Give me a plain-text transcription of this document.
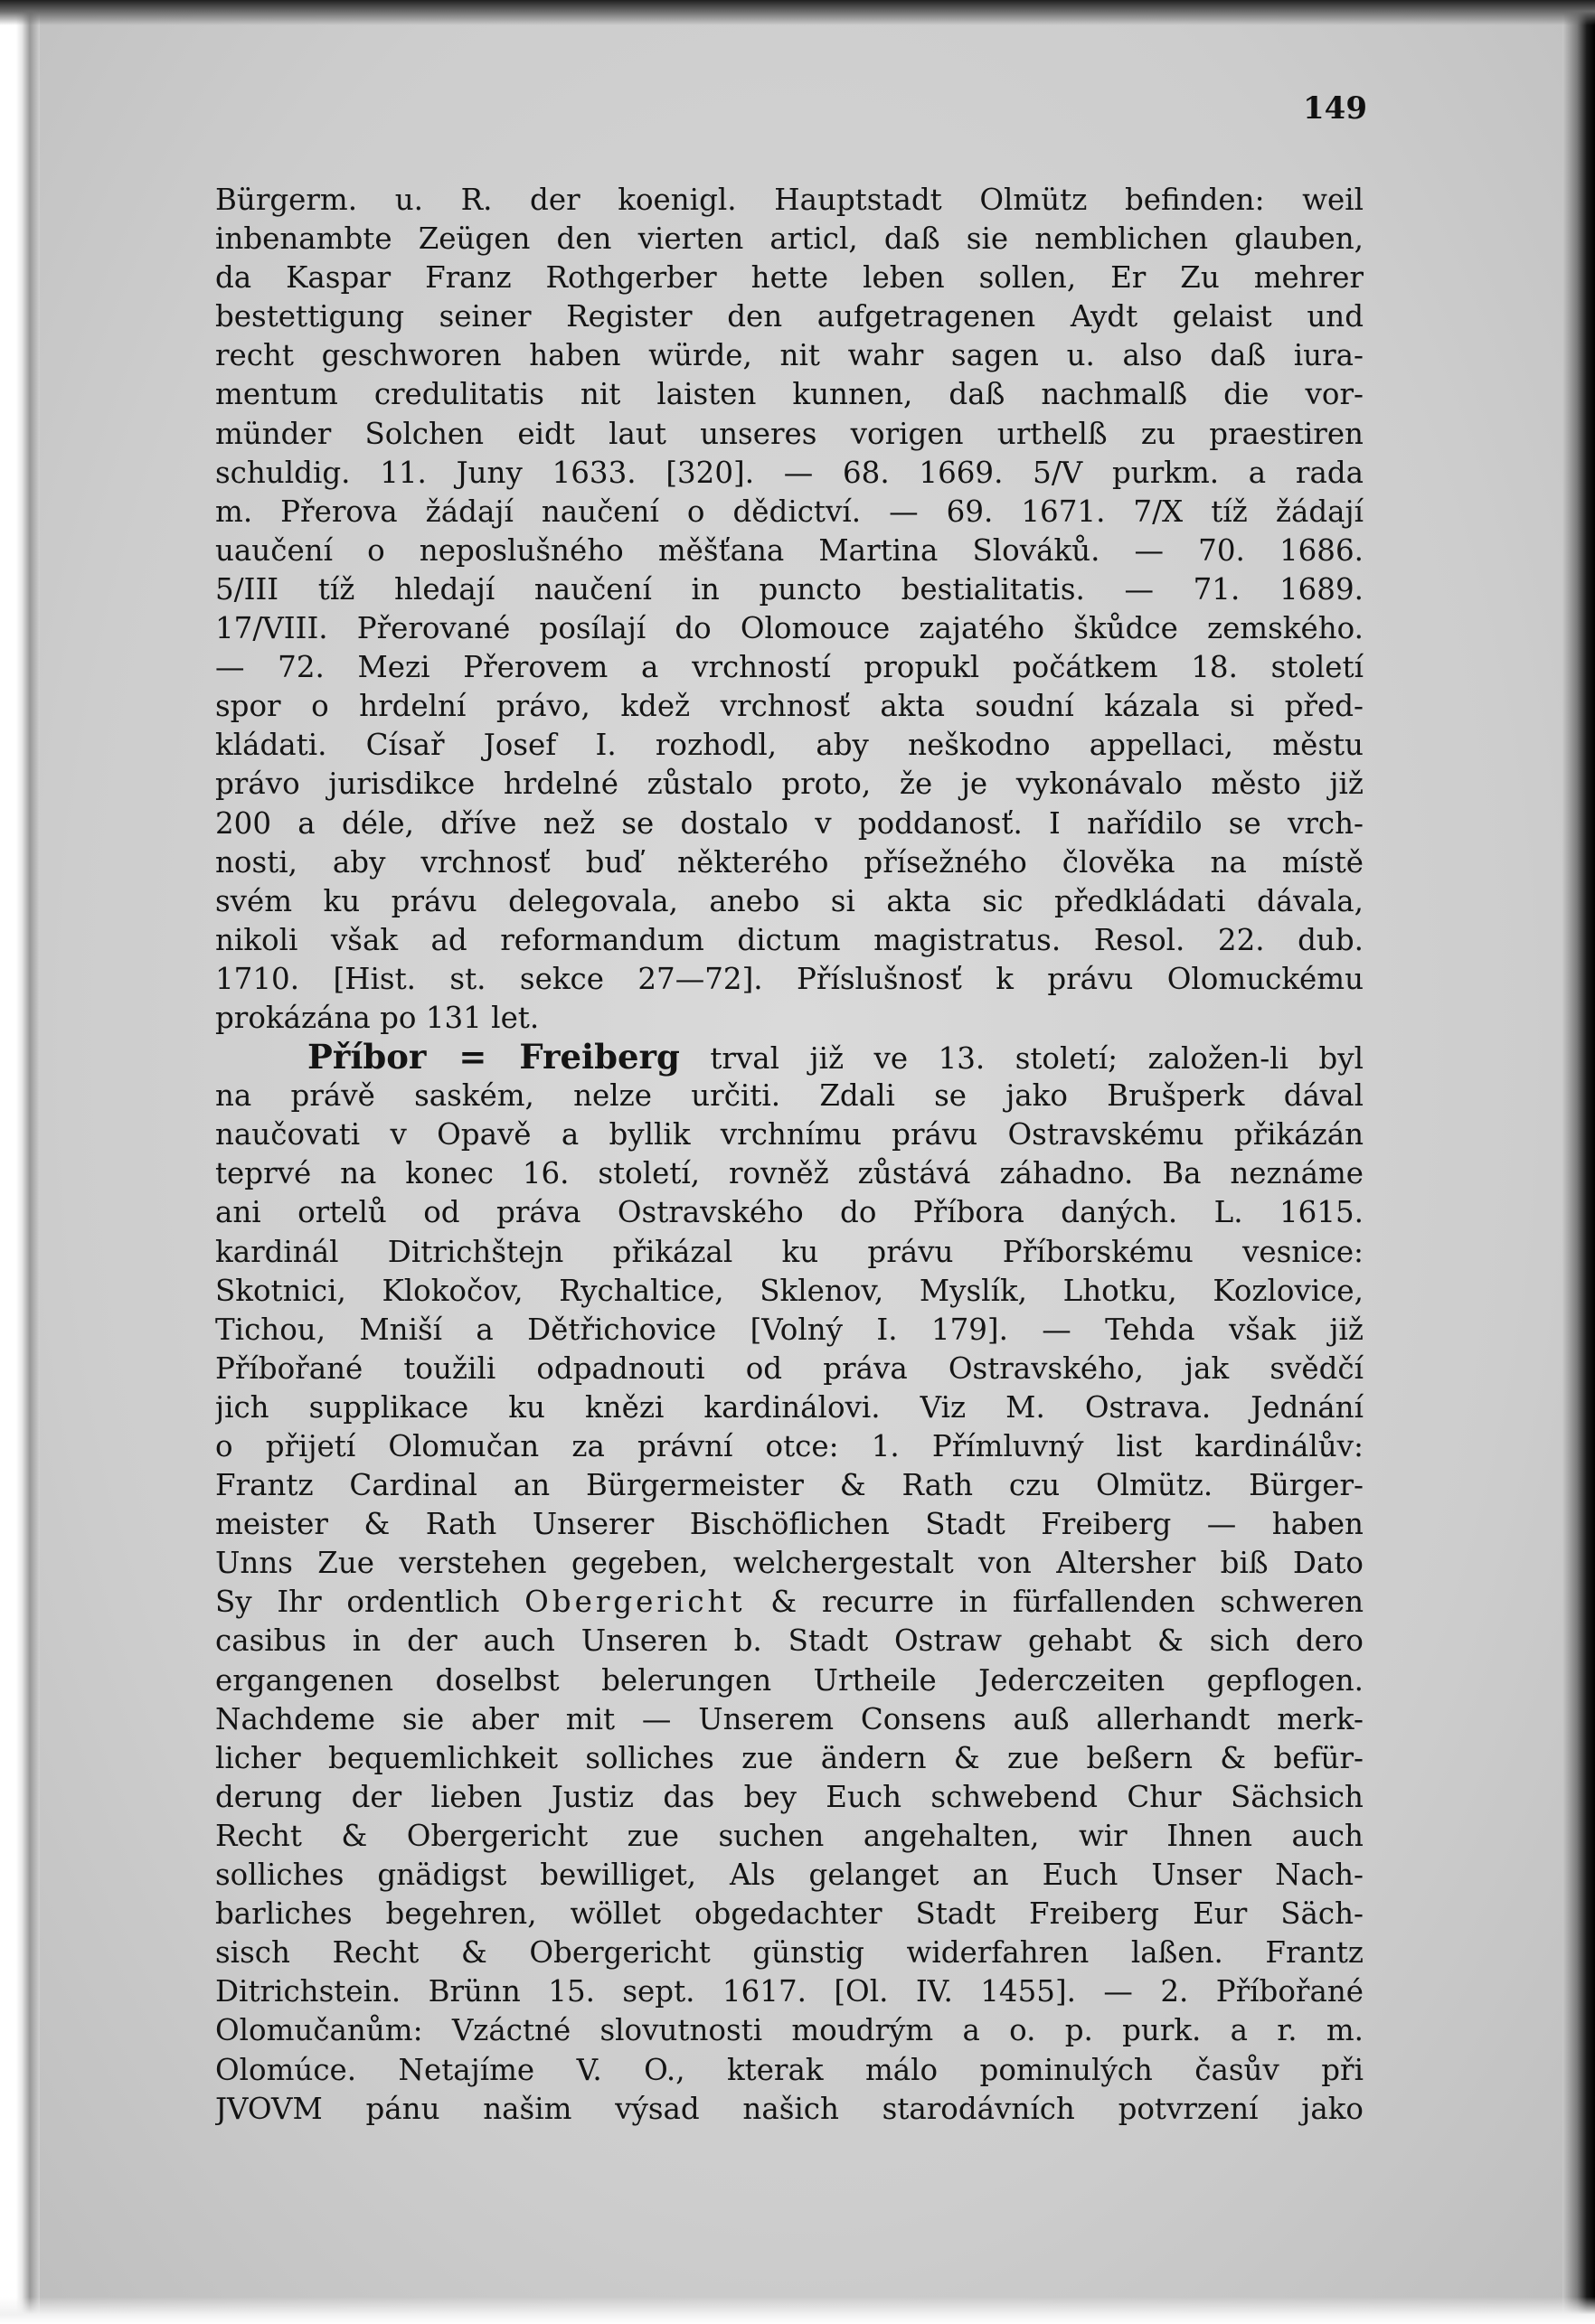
149
Bürgerm. u. R. der koenigl. Hauptstadt Olmütz befinden: weil
inbenambte Zeügen den vierten articl, daß sie nemblichen glauben,
da Kaspar Franz Rothgerber hette leben sollen, Er Zu mehrer
bestettigung seiner Register den aufgetragenen Aydt gelaist und
recht geschworen haben würde, nit wahr sagen u. also daß iura-
mentum credulitatis nit laisten kunnen, daß nachmalß die vor-
münder Solchen eidt laut unseres vorigen urthelß zu praestiren
schuldig. 11. Juny 1633. [320]. — 68. 1669. 5/V purkm. a rada
m. Přerova žádají naučení o dědictví. — 69. 1671. 7/X tíž žádají
uaučení o neposlušného měšťana Martina Slováků. — 70. 1686.
5/III tíž hledají naučení in puncto bestialitatis. — 71. 1689.
17/VIII. Přerované posílají do Olomouce zajatého škůdce zemského.
— 72. Mezi Přerovem a vrchností propukl počátkem 18. století
spor o hrdelní právo, kdež vrchnosť akta soudní kázala si před-
kládati. Císař Josef I. rozhodl, aby neškodno appellaci, městu
právo jurisdikce hrdelné zůstalo proto, že je vykonávalo město již
200 a déle, dříve než se dostalo v poddanosť. I nařídilo se vrch-
nosti, aby vrchnosť buď některého přísežného člověka na místě
svém ku právu delegovala, anebo si akta sic předkládati dávala,
nikoli však ad reformandum dictum magistratus. Resol. 22. dub.
1710. [Hist. st. sekce 27—72]. Příslušnosť k právu Olomuckému
prokázána po 131 let.
Příbor = Freiberg trval již ve 13. století; založen-li byl
na právě saském, nelze určiti. Zdali se jako Brušperk dával
naučovati v Opavě a byllik vrchnímu právu Ostravskému přikázán
teprvé na konec 16. století, rovněž zůstává záhadno. Ba neznáme
ani ortelů od práva Ostravského do Příbora daných. L. 1615.
kardinál Ditrichštejn přikázal ku právu Příborskému vesnice:
Skotnici, Klokočov, Rychaltice, Sklenov, Myslík, Lhotku, Kozlovice,
Tichou, Mniší a Dětřichovice [Volný I. 179]. — Tehda však již
Příbořané toužili odpadnouti od práva Ostravského, jak svědčí
jich supplikace ku knězi kardinálovi. Viz M. Ostrava. Jednání
o přijetí Olomučan za právní otce: 1. Přímluvný list kardinálův:
Frantz Cardinal an Bürgermeister & Rath czu Olmütz. Bürger-
meister & Rath Unserer Bischöflichen Stadt Freiberg — haben
Unns Zue verstehen gegeben, welchergestalt von Altersher biß Dato
Sy Ihr ordentlich Obergericht & recurre in fürfallenden schweren
casibus in der auch Unseren b. Stadt Ostraw gehabt & sich dero
ergangenen doselbst belerungen Urtheile Jederczeiten gepflogen.
Nachdeme sie aber mit — Unserem Consens auß allerhandt merk-
licher bequemlichkeit solliches zue ändern & zue beßern & befür-
derung der lieben Justiz das bey Euch schwebend Chur Sächsich
Recht & Obergericht zue suchen angehalten, wir Ihnen auch
solliches gnädigst bewilliget, Als gelanget an Euch Unser Nach-
barliches begehren, wöllet obgedachter Stadt Freiberg Eur Säch-
sisch Recht & Obergericht günstig widerfahren laßen. Frantz
Ditrichstein. Brünn 15. sept. 1617. [Ol. IV. 1455]. — 2. Příbořané
Olomučanům: Vzáctné slovutnosti moudrým a o. p. purk. a r. m.
Olomúce. Netajíme V. O., kterak málo pominulých časův při
JVOVM pánu našim výsad našich starodávních potvrzení jako
